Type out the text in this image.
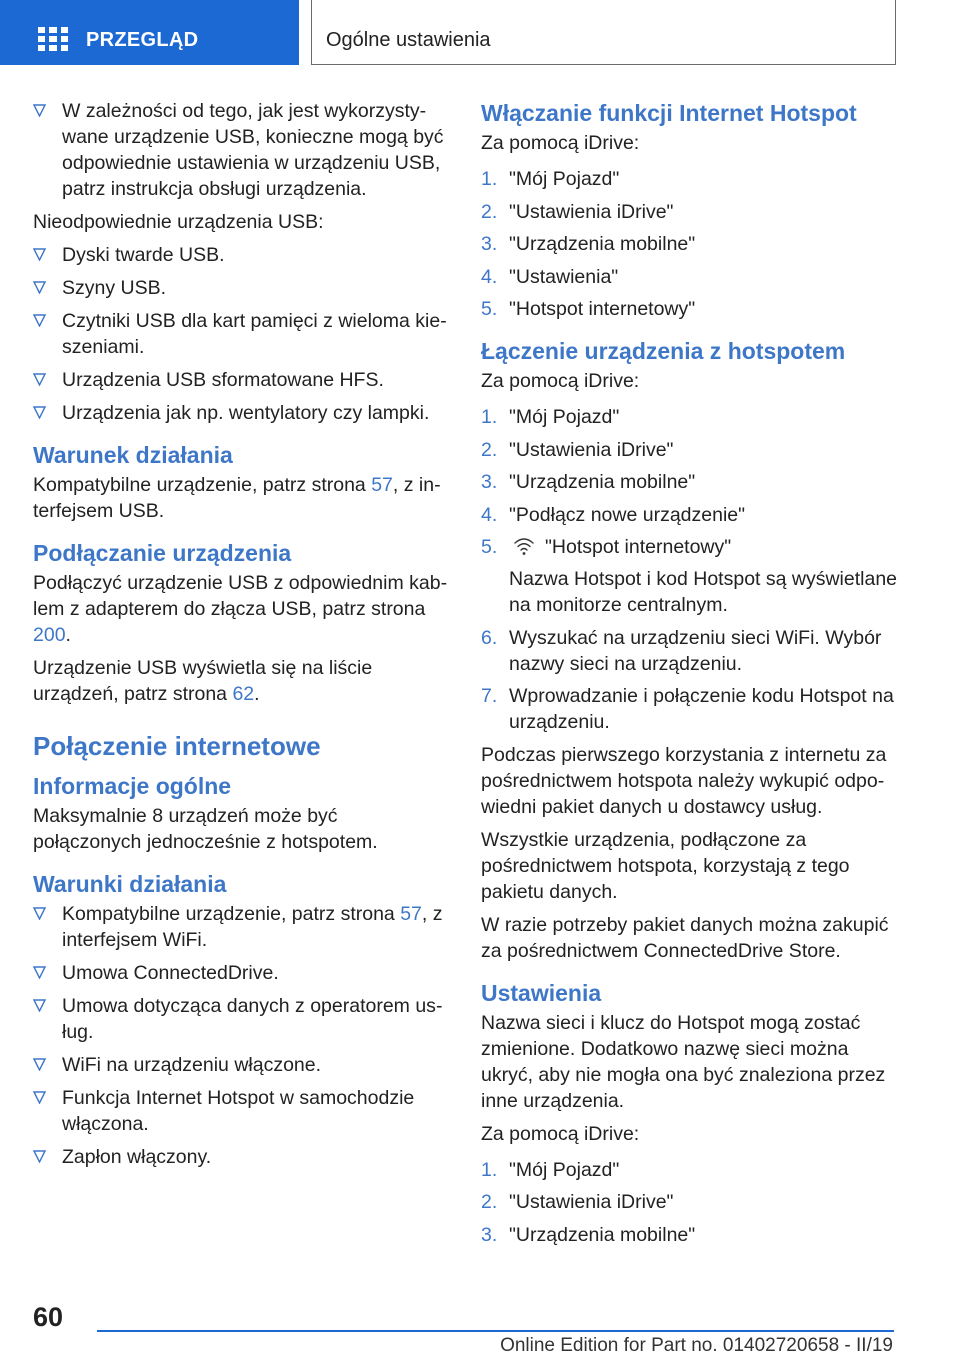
PRZEGLĄD	Ogólne ustawienia
W zależności od tego, jak jest wykorzystywane urządzenie USB, konieczne mogą być odpowiednie ustawienia w urządzeniu USB, patrz instrukcja obsługi urządzenia.
Nieodpowiednie urządzenia USB:
Dyski twarde USB.
Szyny USB.
Czytniki USB dla kart pamięci z wieloma kieszeniami.
Urządzenia USB sformatowane HFS.
Urządzenia jak np. wentylatory czy lampki.
Warunek działania
Kompatybilne urządzenie, patrz strona 57, z interfejsem USB.
Podłączanie urządzenia
Podłączyć urządzenie USB z odpowiednim kablem z adapterem do złącza USB, patrz strona 200.
Urządzenie USB wyświetla się na liście urządzeń, patrz strona 62.
Połączenie internetowe
Informacje ogólne
Maksymalnie 8 urządzeń może być połączonych jednocześnie z hotspotem.
Warunki działania
Kompatybilne urządzenie, patrz strona 57, z interfejsem WiFi.
Umowa ConnectedDrive.
Umowa dotycząca danych z operatorem usług.
WiFi na urządzeniu włączone.
Funkcja Internet Hotspot w samochodzie włączona.
Zapłon włączony.
Włączanie funkcji Internet Hotspot
Za pomocą iDrive:
1. "Mój Pojazd"
2. "Ustawienia iDrive"
3. "Urządzenia mobilne"
4. "Ustawienia"
5. "Hotspot internetowy"
Łączenie urządzenia z hotspotem
Za pomocą iDrive:
1. "Mój Pojazd"
2. "Ustawienia iDrive"
3. "Urządzenia mobilne"
4. "Podłącz nowe urządzenie"
5. "Hotspot internetowy"
Nazwa Hotspot i kod Hotspot są wyświetlane na monitorze centralnym.
6. Wyszukać na urządzeniu sieci WiFi. Wybór nazwy sieci na urządzeniu.
7. Wprowadzanie i połączenie kodu Hotspot na urządzeniu.
Podczas pierwszego korzystania z internetu za pośrednictwem hotspota należy wykupić odpowiedni pakiet danych u dostawcy usług.
Wszystkie urządzenia, podłączone za pośrednictwem hotspota, korzystają z tego pakietu danych.
W razie potrzeby pakiet danych można zakupić za pośrednictwem ConnectedDrive Store.
Ustawienia
Nazwa sieci i klucz do Hotspot mogą zostać zmienione. Dodatkowo nazwę sieci można ukryć, aby nie mogła ona być znaleziona przez inne urządzenia.
Za pomocą iDrive:
1. "Mój Pojazd"
2. "Ustawienia iDrive"
3. "Urządzenia mobilne"
60
Online Edition for Part no. 01402720658 - II/19
